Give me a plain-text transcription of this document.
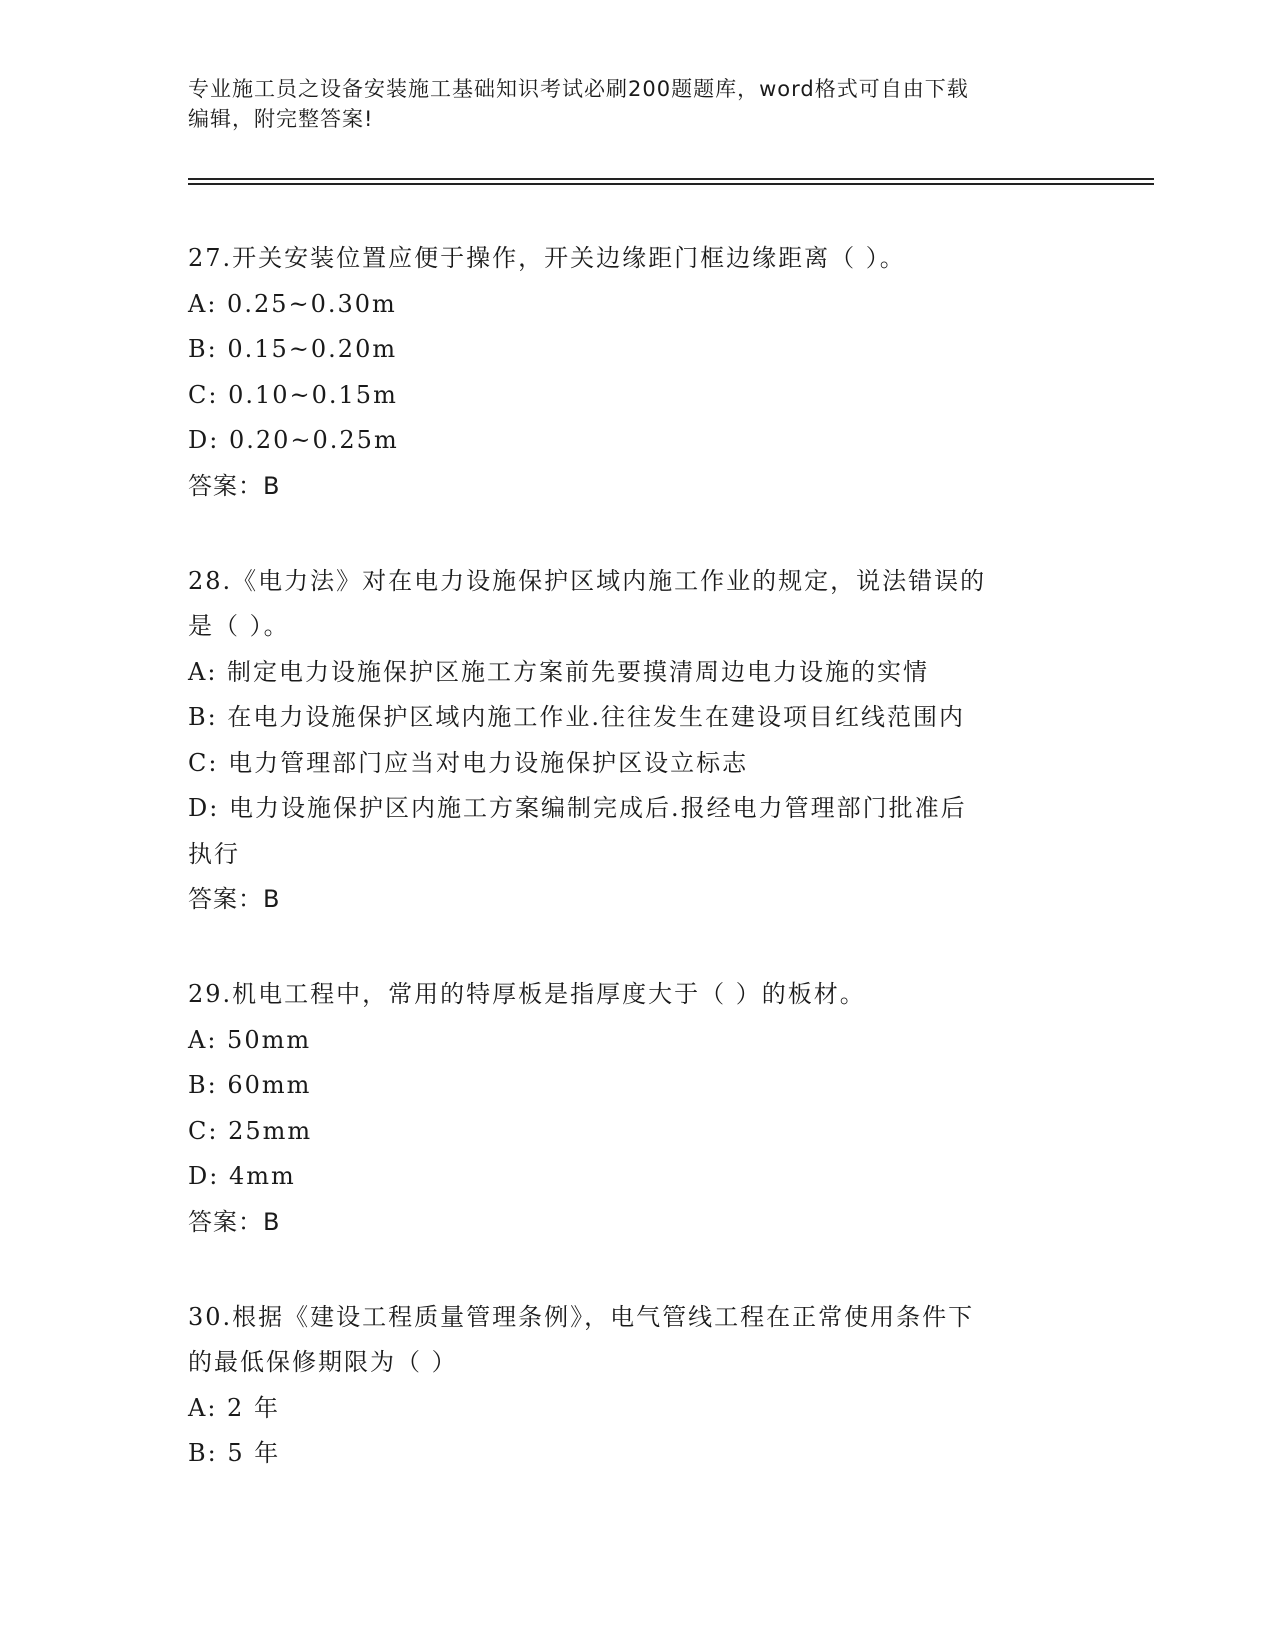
专业施工员之设备安装施工基础知识考试必刷200题题库，word格式可自由下载
编辑，附完整答案!

27.开关安装位置应便于操作，开关边缘距门框边缘距离（ ）。

A: 0.25~0.30m

B: 0.15~0.20m

C: 0.10~0.15m

D: 0.20~0.25m

答案：B

28.《电力法》对在电力设施保护区域内施工作业的规定，说法错误的

是（ ）。

A: 制定电力设施保护区施工方案前先要摸清周边电力设施的实情

B: 在电力设施保护区域内施工作业.往往发生在建设项目红线范围内

C: 电力管理部门应当对电力设施保护区设立标志

D: 电力设施保护区内施工方案编制完成后.报经电力管理部门批准后

执行

答案：B

29.机电工程中，常用的特厚板是指厚度大于（ ）的板材。

A: 50mm

B: 60mm

C: 25mm

D: 4mm

答案：B

30.根据《建设工程质量管理条例》，电气管线工程在正常使用条件下

的最低保修期限为（ ）

A: 2 年

B: 5 年
